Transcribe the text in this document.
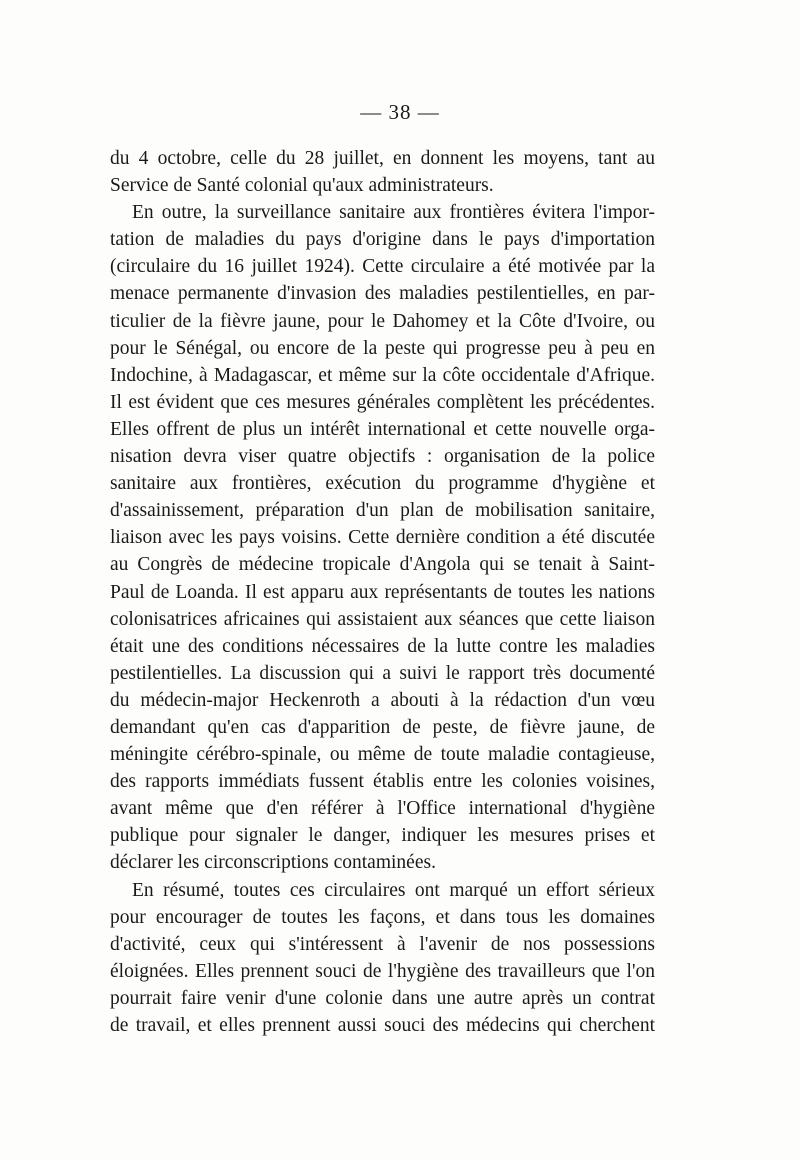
— 38 —
du 4 octobre, celle du 28 juillet, en donnent les moyens, tant au
Service de Santé colonial qu'aux administrateurs.
En outre, la surveillance sanitaire aux frontières évitera l'impor-
tation de maladies du pays d'origine dans le pays d'importation
(circulaire du 16 juillet 1924). Cette circulaire a été motivée par la
menace permanente d'invasion des maladies pestilentielles, en par-
ticulier de la fièvre jaune, pour le Dahomey et la Côte d'Ivoire, ou
pour le Sénégal, ou encore de la peste qui progresse peu à peu en
Indochine, à Madagascar, et même sur la côte occidentale d'Afrique.
Il est évident que ces mesures générales complètent les précédentes.
Elles offrent de plus un intérêt international et cette nouvelle orga-
nisation devra viser quatre objectifs : organisation de la police
sanitaire aux frontières, exécution du programme d'hygiène et
d'assainissement, préparation d'un plan de mobilisation sanitaire,
liaison avec les pays voisins. Cette dernière condition a été discutée
au Congrès de médecine tropicale d'Angola qui se tenait à Saint-
Paul de Loanda. Il est apparu aux représentants de toutes les nations
colonisatrices africaines qui assistaient aux séances que cette liaison
était une des conditions nécessaires de la lutte contre les maladies
pestilentielles. La discussion qui a suivi le rapport très documenté
du médecin-major Heckenroth a abouti à la rédaction d'un vœu
demandant qu'en cas d'apparition de peste, de fièvre jaune, de
méningite cérébro-spinale, ou même de toute maladie contagieuse,
des rapports immédiats fussent établis entre les colonies voisines,
avant même que d'en référer à l'Office international d'hygiène
publique pour signaler le danger, indiquer les mesures prises et
déclarer les circonscriptions contaminées.
En résumé, toutes ces circulaires ont marqué un effort sérieux
pour encourager de toutes les façons, et dans tous les domaines
d'activité, ceux qui s'intéressent à l'avenir de nos possessions
éloignées. Elles prennent souci de l'hygiène des travailleurs que l'on
pourrait faire venir d'une colonie dans une autre après un contrat
de travail, et elles prennent aussi souci des médecins qui cherchent
